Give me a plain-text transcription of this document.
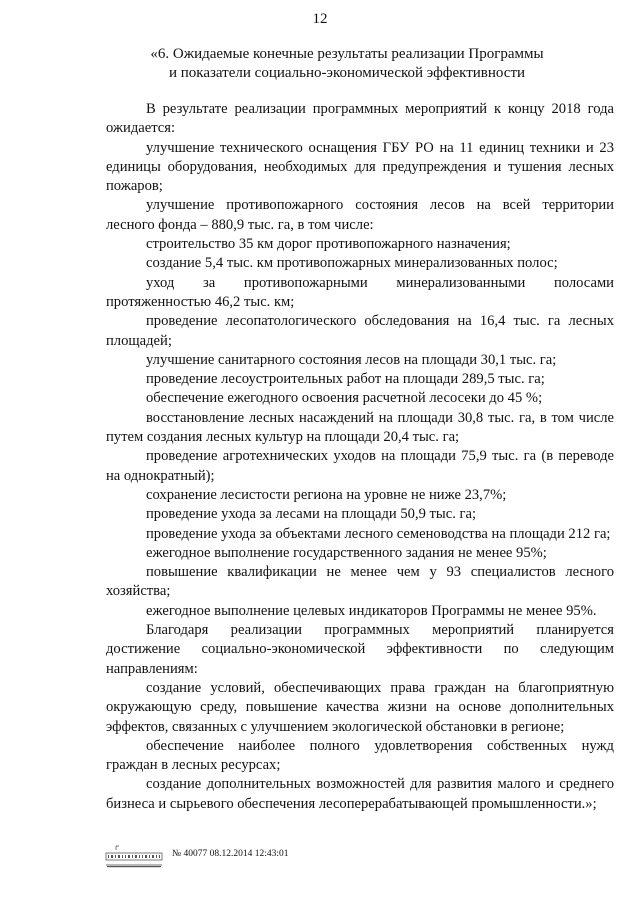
12
«6. Ожидаемые конечные результаты реализации Программы
и показатели социально-экономической эффективности

В результате реализации программных мероприятий к концу 2018 года ожидается:

улучшение технического оснащения ГБУ РО на 11 единиц техники и 23 единицы оборудования, необходимых для предупреждения и тушения лесных пожаров;

улучшение противопожарного состояния лесов на всей территории лесного фонда – 880,9 тыс. га, в том числе:

строительство 35 км дорог противопожарного назначения;

создание 5,4 тыс. км противопожарных минерализованных полос;

уход за противопожарными минерализованными полосами протяженностью 46,2 тыс. км;

проведение лесопатологического обследования на 16,4 тыс. га лесных площадей;

улучшение санитарного состояния лесов на площади 30,1 тыс. га;

проведение лесоустроительных работ на площади 289,5 тыс. га;

обеспечение ежегодного освоения расчетной лесосеки до 45 %;

восстановление лесных насаждений на площади 30,8 тыс. га, в том числе путем создания лесных культур на площади 20,4 тыс. га;

проведение агротехнических уходов на площади 75,9 тыс. га (в переводе на однократный);

сохранение лесистости региона на уровне не ниже 23,7%;

проведение ухода за лесами на площади 50,9 тыс. га;

проведение ухода за объектами лесного семеноводства на площади 212 га;

ежегодное выполнение государственного задания не менее 95%;

повышение квалификации не менее чем у 93 специалистов лесного хозяйства;

ежегодное выполнение целевых индикаторов Программы не менее 95%.

Благодаря реализации программных мероприятий планируется достижение социально-экономической эффективности по следующим направлениям:

создание условий, обеспечивающих права граждан на благоприятную окружающую среду, повышение качества жизни на основе дополнительных эффектов, связанных с улучшением экологической обстановки в регионе;

обеспечение наиболее полного удовлетворения собственных нужд граждан в лесных ресурсах;

создание дополнительных возможностей для развития малого и среднего бизнеса и сырьевого обеспечения лесоперерабатывающей промышленности.»;

№ 40077 08.12.2014 12:43:01
